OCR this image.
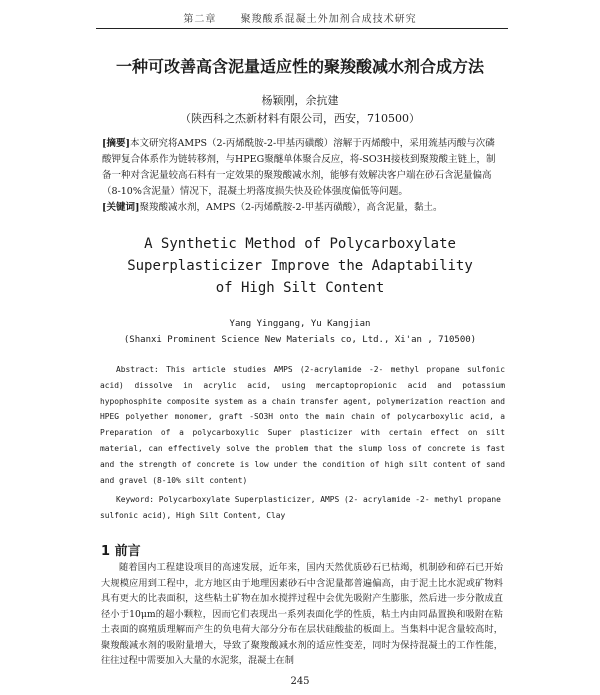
第二章 聚羧酸系混凝土外加剂合成技术研究
一种可改善高含泥量适应性的聚羧酸减水剂合成方法
杨颖刚，余抗建
（陕西科之杰新材料有限公司，西安，710500）

[摘要]本文研究将AMPS（2-丙烯酰胺-2-甲基丙磺酸）溶解于丙烯酸中，采用巯基丙酸与次磷酸钾复合体系作为链转移剂，与HPEG聚醚单体聚合反应，将-SO3H接枝到聚羧酸主链上，制备一种对含泥量较高石料有一定效果的聚羧酸减水剂，能够有效解决客户端在砂石含泥量偏高（8-10%含泥量）情况下，混凝土坍落度损失快及砼体强度偏低等问题。

[关键词]聚羧酸减水剂，AMPS（2-丙烯酰胺-2-甲基丙磺酸），高含泥量，黏土。

A Synthetic Method of Polycarboxylate
Superplasticizer Improve the Adaptability
of High Silt Content
Yang Yinggang, Yu Kangjian
(Shanxi Prominent Science New Materials co, Ltd., Xi'an , 710500)
Abstract: This article studies AMPS (2-acrylamide -2- methyl propane sulfonic acid) dissolve in acrylic acid, using mercaptopropionic acid and potassium hypophosphite composite system as a chain transfer agent, polymerization reaction and HPEG polyether monomer, graft -SO3H onto the main chain of polycarboxylic acid, a Preparation of a polycarboxylic Super plasticizer with certain effect on silt material, can effectively solve the problem that the slump loss of concrete is fast and the strength of concrete is low under the condition of high silt content of sand and gravel (8-10% silt content)
Keyword: Polycarboxylate Superplasticizer, AMPS (2- acrylamide -2- methyl propane sulfonic acid), High Silt Content, Clay
1 前言

随着国内工程建设项目的高速发展，近年来，国内天然优质砂石已枯竭，机制砂和碎石已开始大规模应用到工程中，北方地区由于地理因素砂石中含泥量都普遍偏高，由于泥土比水泥或矿物料具有更大的比表面积，这些粘土矿物在加水搅拌过程中会优先吸附产生膨胀，然后进一步分散成直径小于10μm的超小颗粒，因而它们表现出一系列表面化学的性质，粘土内由同晶置换和吸附在粘土表面的腐殖质理解而产生的负电荷大部分分布在层状硅酸盐的板面上。当集料中泥含量较高时，聚羧酸减水剂的吸附量增大，导致了聚羧酸减水剂的适应性变差，同时为保持混凝土的工作性能，往往过程中需要加入大量的水泥浆，混凝土在制

245
